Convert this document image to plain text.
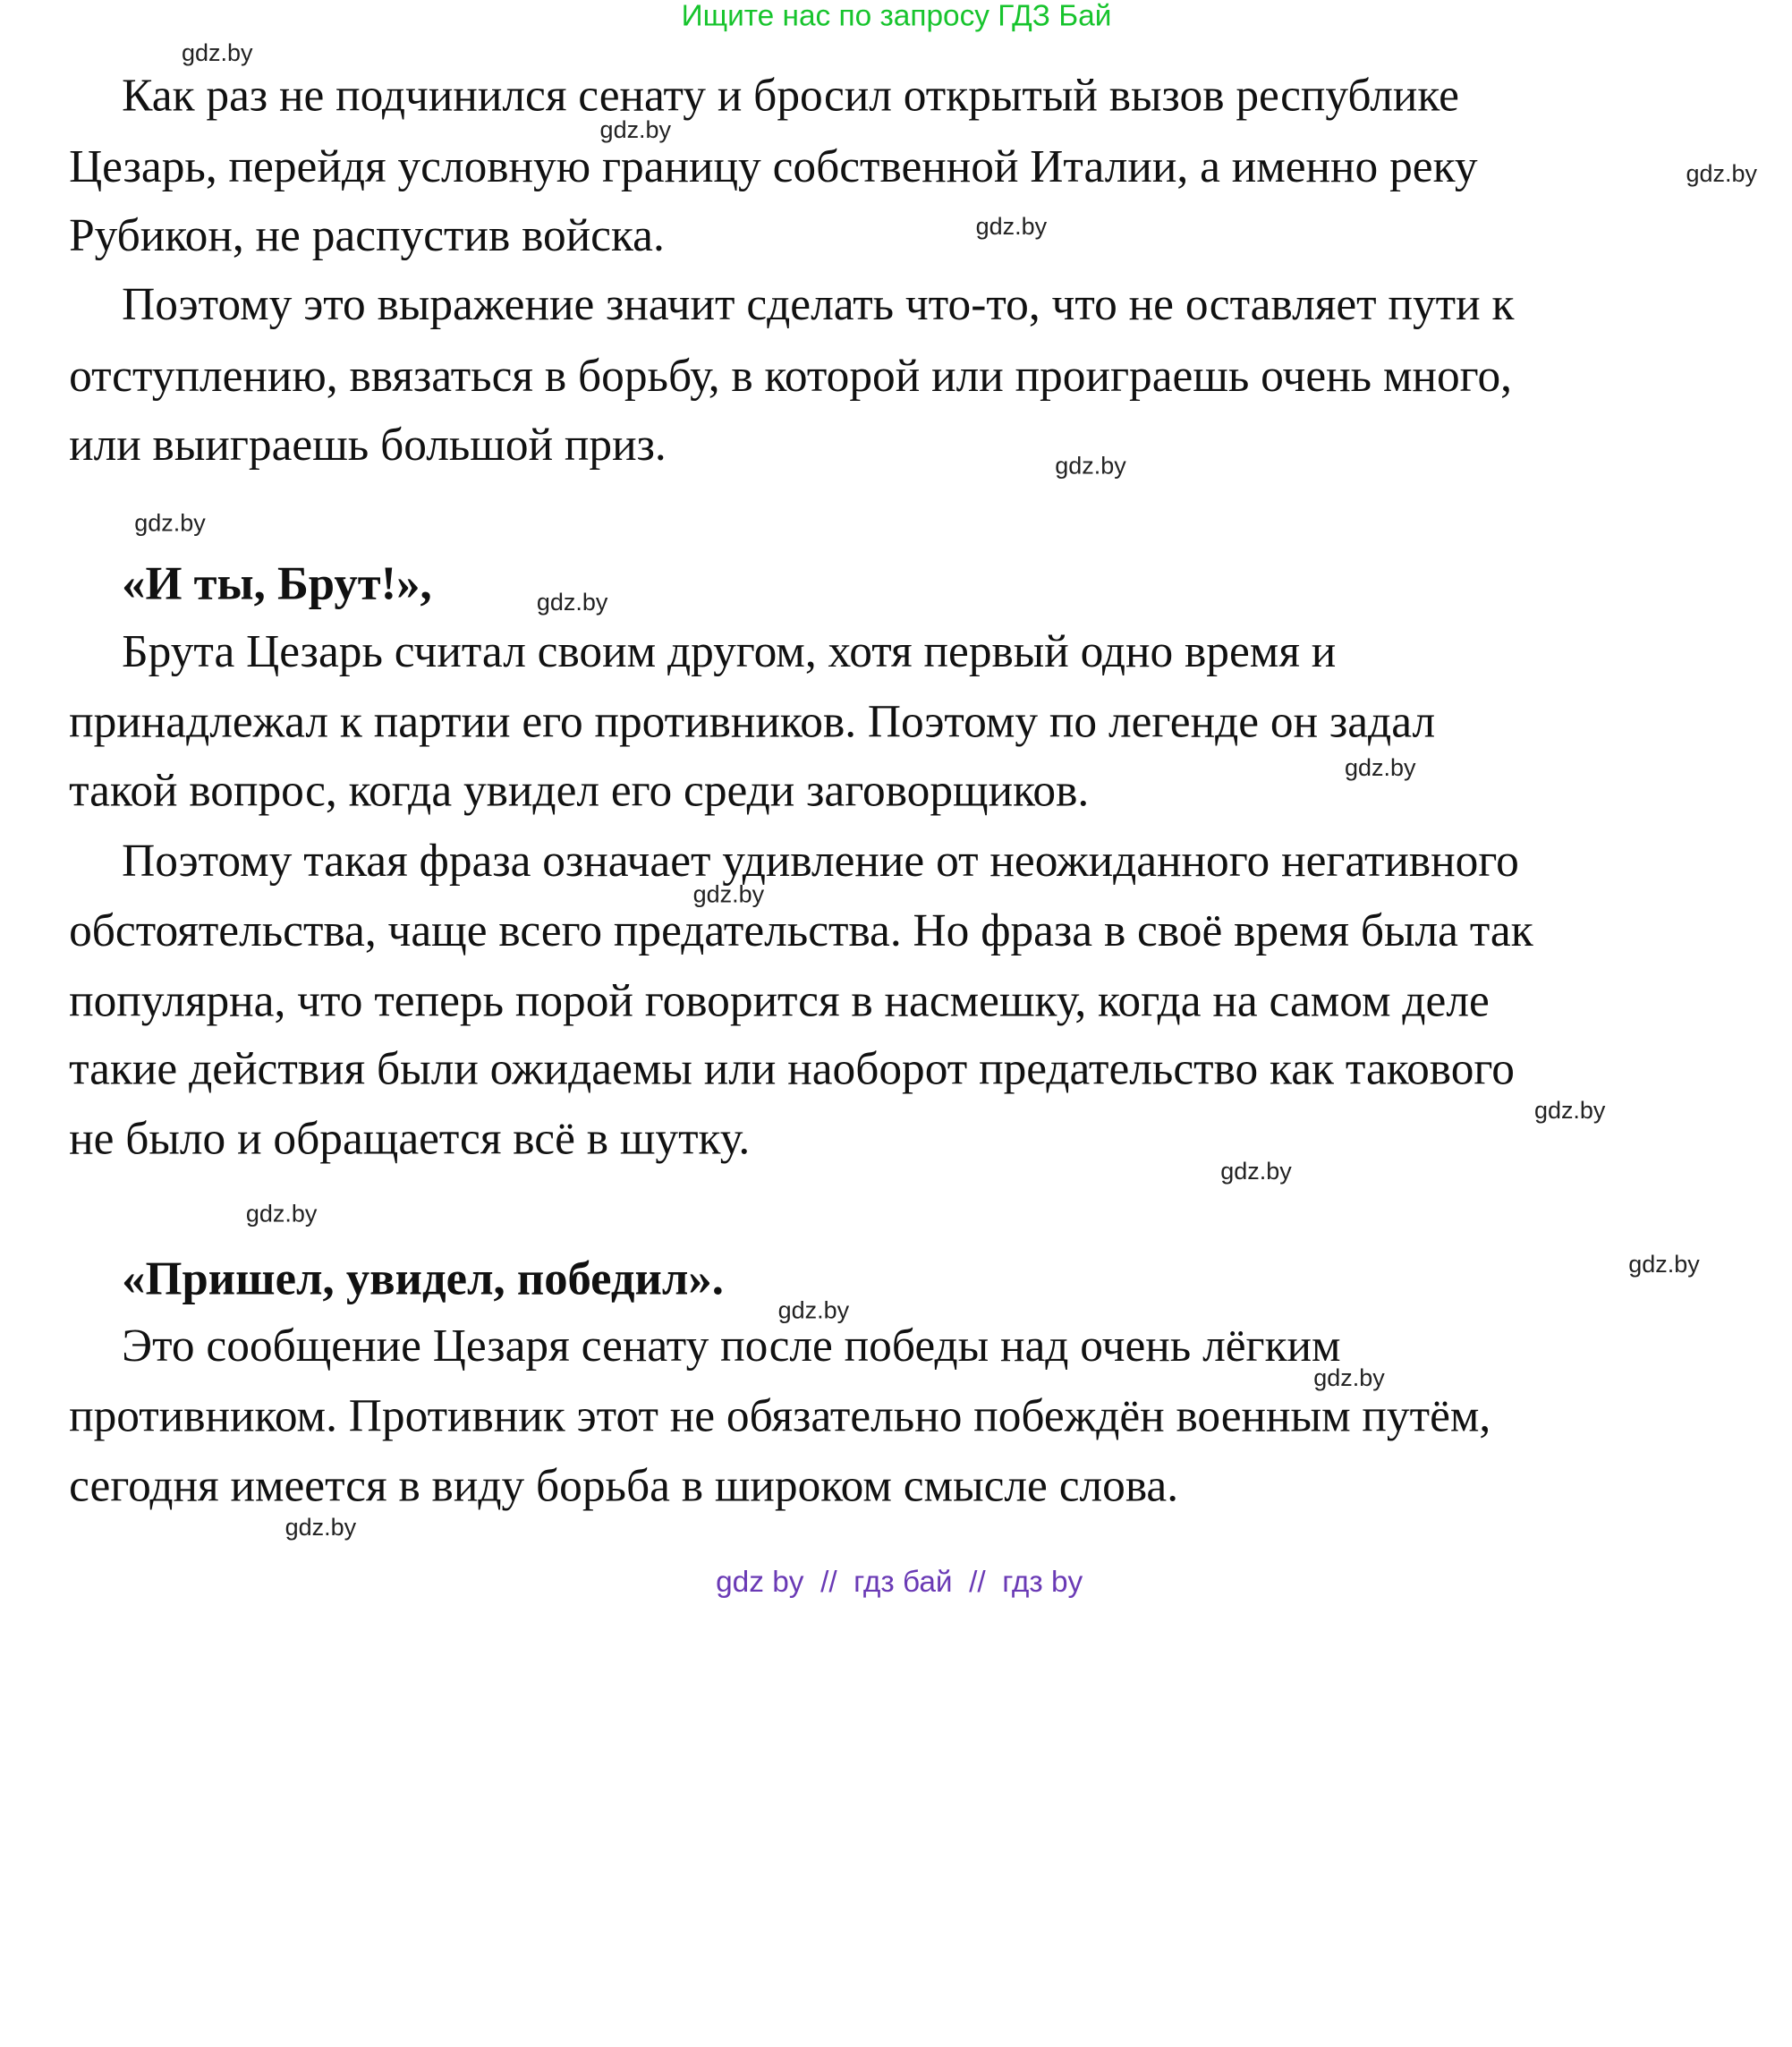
Ищите нас по запросу ГДЗ Бай
Как раз не подчинился сенату и бросил открытый вызов республике
Цезарь, перейдя условную границу собственной Италии, а именно реку
Рубикон, не распустив войска.
Поэтому это выражение значит сделать что-то, что не оставляет пути к
отступлению, ввязаться в борьбу, в которой или проиграешь очень много,
или выиграешь большой приз.
«И ты, Брут!»,
Брута Цезарь считал своим другом, хотя первый одно время и
принадлежал к партии его противников. Поэтому по легенде он задал
такой вопрос, когда увидел его среди заговорщиков.
Поэтому такая фраза означает удивление от неожиданного негативного
обстоятельства, чаще всего предательства. Но фраза в своё время была так
популярна, что теперь порой говорится в насмешку, когда на самом деле
такие действия были ожидаемы или наоборот предательство как такового
не было и обращается всё в шутку.
«Пришел, увидел, победил».
Это сообщение Цезаря сенату после победы над очень лёгким
противником. Противник этот не обязательно побеждён военным путём,
сегодня имеется в виду борьба в широком смысле слова.
gdz.by
gdz.by
gdz.by
gdz.by
gdz.by
gdz.by
gdz.by
gdz.by
gdz.by
gdz.by
gdz.by
gdz.by
gdz.by
gdz.by
gdz.by
gdz.by
gdz by  //  гдз бай  //  гдз by
